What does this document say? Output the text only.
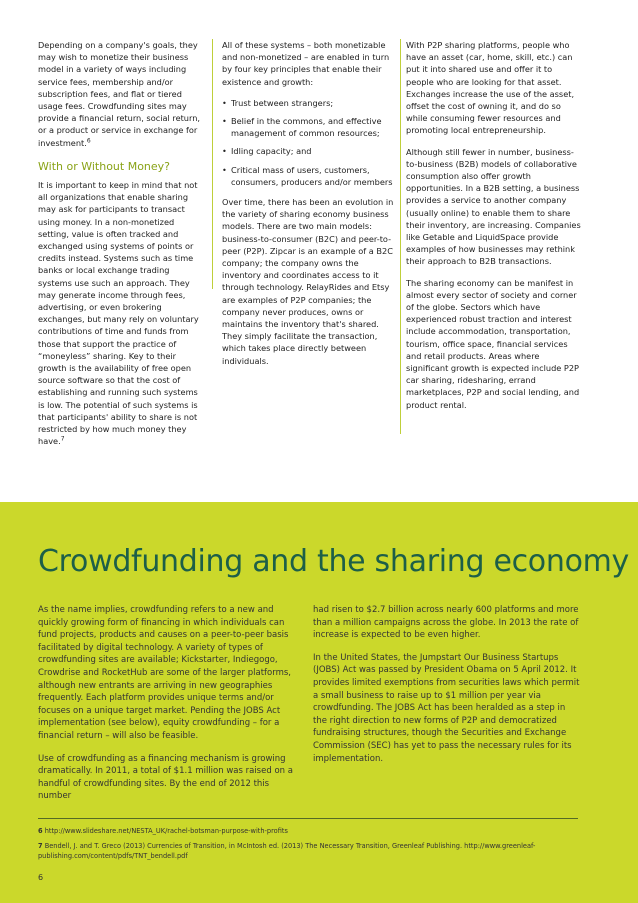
Depending on a company's goals, they may wish to monetize their business model in a variety of ways including service fees, membership and/or subscription fees, and flat or tiered usage fees. Crowdfunding sites may provide a financial return, social return, or a product or service in exchange for investment.$^6$

With or Without Money?

It is important to keep in mind that not all organizations that enable sharing may ask for participants to transact using money. In a non-monetized setting, value is often tracked and exchanged using systems of points or credits instead. Systems such as time banks or local exchange trading systems use such an approach. They may generate income through fees, advertising, or even brokering exchanges, but many rely on voluntary contributions of time and funds from those that support the practice of “moneyless” sharing. Key to their growth is the availability of free open source software so that the cost of establishing and running such systems is low. The potential of such systems is that participants' ability to share is not restricted by how much money they have.$^7$

All of these systems – both monetizable and non-monetized – are enabled in turn by four key principles that enable their existence and growth:

• Trust between strangers;
• Belief in the commons, and effective management of common resources;
• Idling capacity; and
• Critical mass of users, customers, consumers, producers and/or members

Over time, there has been an evolution in the variety of sharing economy business models. There are two main models: business-to-consumer (B2C) and peer-to-peer (P2P). Zipcar is an example of a B2C company; the company owns the inventory and coordinates access to it through technology. RelayRides and Etsy are examples of P2P companies; the company never produces, owns or maintains the inventory that's shared. They simply facilitate the transaction, which takes place directly between individuals.

With P2P sharing platforms, people who have an asset (car, home, skill, etc.) can put it into shared use and offer it to people who are looking for that asset. Exchanges increase the use of the asset, offset the cost of owning it, and do so while consuming fewer resources and promoting local entrepreneurship.

Although still fewer in number, business-to-business (B2B) models of collaborative consumption also offer growth opportunities. In a B2B setting, a business provides a service to another company (usually online) to enable them to share their inventory, are increasing. Companies like Getable and LiquidSpace provide examples of how businesses may rethink their approach to B2B transactions.

The sharing economy can be manifest in almost every sector of society and corner of the globe. Sectors which have experienced robust traction and interest include accommodation, transportation, tourism, office space, financial services and retail products. Areas where significant growth is expected include P2P car sharing, ridesharing, errand marketplaces, P2P and social lending, and product rental.

Crowdfunding and the sharing economy

As the name implies, crowdfunding refers to a new and quickly growing form of financing in which individuals can fund projects, products and causes on a peer-to-peer basis facilitated by digital technology. A variety of types of crowdfunding sites are available; Kickstarter, Indiegogo, Crowdrise and RocketHub are some of the larger platforms, although new entrants are arriving in new geographies frequently. Each platform provides unique terms and/or focuses on a unique target market. Pending the JOBS Act implementation (see below), equity crowdfunding – for a financial return – will also be feasible.

Use of crowdfunding as a financing mechanism is growing dramatically. In 2011, a total of $1.1 million was raised on a handful of crowdfunding sites. By the end of 2012 this number

had risen to $2.7 billion across nearly 600 platforms and more than a million campaigns across the globe. In 2013 the rate of increase is expected to be even higher.

In the United States, the Jumpstart Our Business Startups (JOBS) Act was passed by President Obama on 5 April 2012. It provides limited exemptions from securities laws which permit a small business to raise up to $1 million per year via crowdfunding. The JOBS Act has been heralded as a step in the right direction to new forms of P2P and democratized fundraising structures, though the Securities and Exchange Commission (SEC) has yet to pass the necessary rules for its implementation.

6 http://www.slideshare.net/NESTA_UK/rachel-botsman-purpose-with-profits
7 Bendell, J. and T. Greco (2013) Currencies of Transition, in McIntosh ed. (2013) The Necessary Transition, Greenleaf Publishing. http://www.greenleaf-publishing.com/content/pdfs/TNT_bendell.pdf
6
